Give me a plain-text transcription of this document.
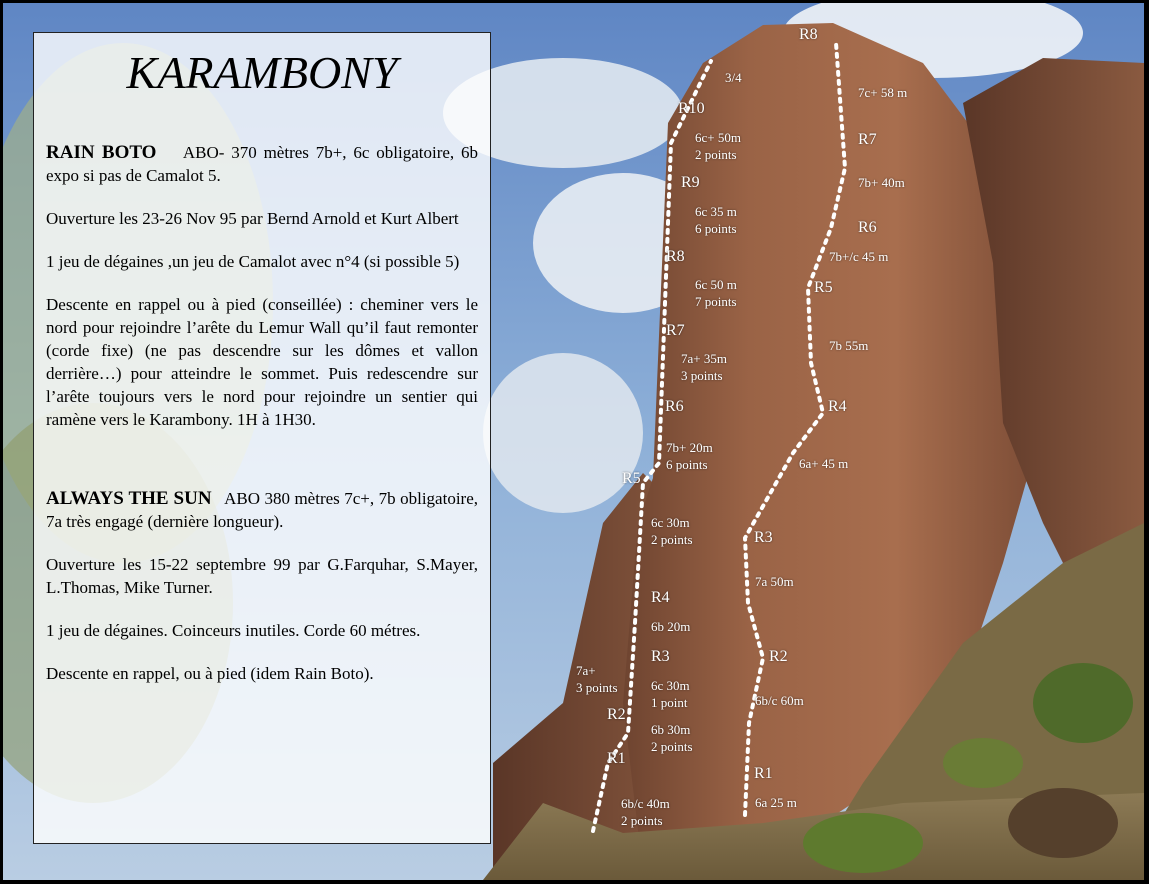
R1
R2
R3
R4
R5
R6
R7
R8
R9
R10
6b/c 40m
2 points
6b 30m
2 points
6c 30m
1 point
7a+
3 points
6b 20m
6c 30m
2 points
7b+ 20m
6 points
7a+ 35m
3 points
6c 50 m
7 points
6c 35 m
6 points
6c+ 50m
2 points
3/4
R1
R2
R3
R4
R5
R6
R7
R8
6a 25 m
6b/c 60m
7a 50m
6a+ 45 m
7b 55m
7b+/c 45 m
7b+ 40m
7c+ 58 m
KARAMBONY

RAIN BOTO ABO- 370 mètres 7b+, 6c obligatoire, 6b expo si pas de Camalot 5.

Ouverture les 23-26 Nov 95 par Bernd Arnold et Kurt Albert

1 jeu de dégaines ,un jeu de Camalot avec n°4 (si possible 5)

Descente en rappel ou à pied (conseillée) : cheminer vers le nord pour rejoindre l’arête du Lemur Wall qu’il faut remonter (corde fixe) (ne pas descendre sur les dômes et vallon derrière…) pour atteindre le sommet. Puis redescendre sur l’arête toujours vers le nord pour rejoindre un sentier qui ramène vers le Karambony. 1H à 1H30.

ALWAYS THE SUN ABO 380 mètres 7c+, 7b obligatoire, 7a très engagé (dernière longueur).

Ouverture les 15-22 septembre 99 par G.Farquhar, S.Mayer, L.Thomas, Mike Turner.

1 jeu de dégaines. Coinceurs inutiles. Corde 60 métres.

Descente en rappel, ou à pied (idem Rain Boto).
